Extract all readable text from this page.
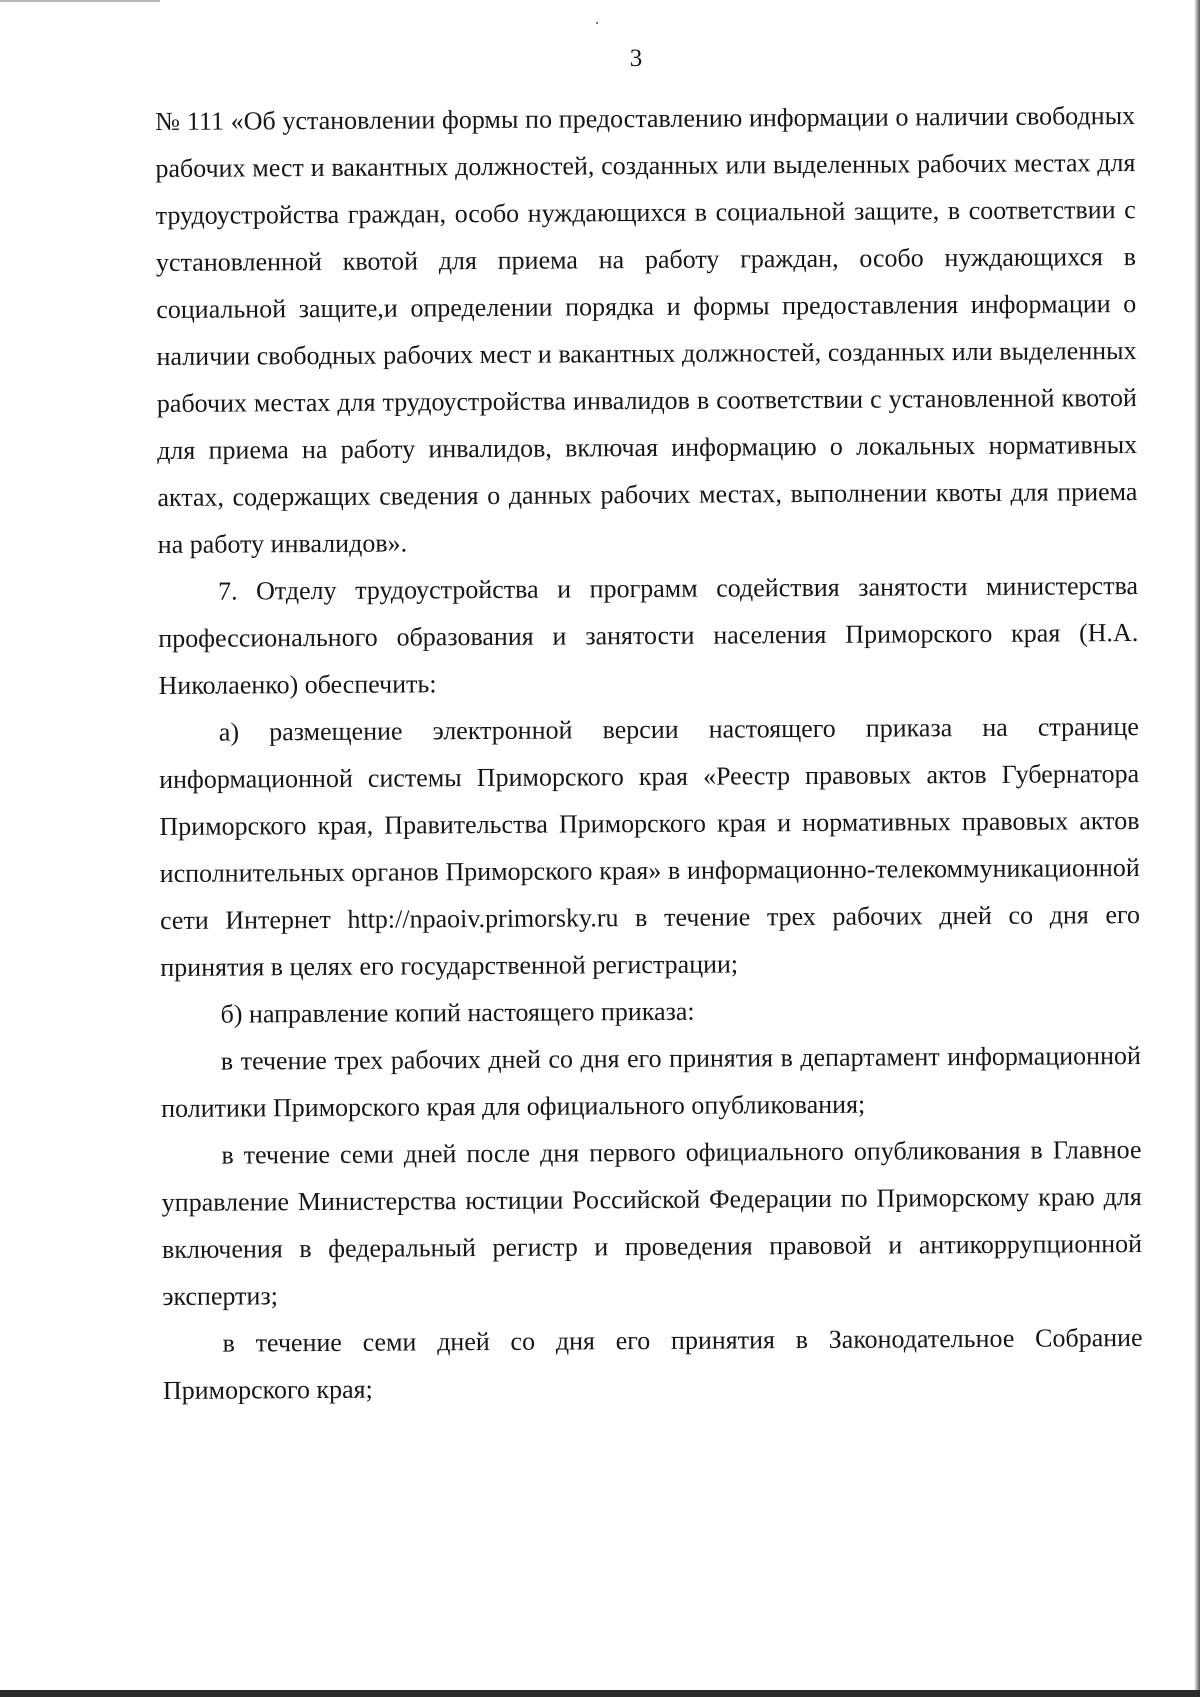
3

№ 111 «Об установлении формы по предоставлению информации о наличии свободных рабочих мест и вакантных должностей, созданных или выделенных рабочих местах для трудоустройства граждан, особо нуждающихся в социальной защите, в соответствии с установленной квотой для приема на работу граждан, особо нуждающихся в социальной защите,и определении порядка и формы предоставления информации о наличии свободных рабочих мест и вакантных должностей, созданных или выделенных рабочих местах для трудоустройства инвалидов в соответствии с установленной квотой для приема на работу инвалидов, включая информацию о локальных нормативных актах, содержащих сведения о данных рабочих местах, выполнении квоты для приема на работу инвалидов».

7. Отделу трудоустройства и программ содействия занятости министерства профессионального образования и занятости населения Приморского края (Н.А. Николаенко) обеспечить:

а) размещение электронной версии настоящего приказа на странице информационной системы Приморского края «Реестр правовых актов Губернатора Приморского края, Правительства Приморского края и нормативных правовых актов исполнительных органов Приморского края» в информационно-телекоммуникационной сети Интернет http://npaoiv.primorsky.ru в течение трех рабочих дней со дня его принятия в целях его государственной регистрации;

б) направление копий настоящего приказа:

в течение трех рабочих дней со дня его принятия в департамент информационной политики Приморского края для официального опубликования;

в течение семи дней после дня первого официального опубликования в Главное управление Министерства юстиции Российской Федерации по Приморскому краю для включения в федеральный регистр и проведения правовой и антикоррупционной экспертиз;

в течение семи дней со дня его принятия в Законодательное Собрание Приморского края;
